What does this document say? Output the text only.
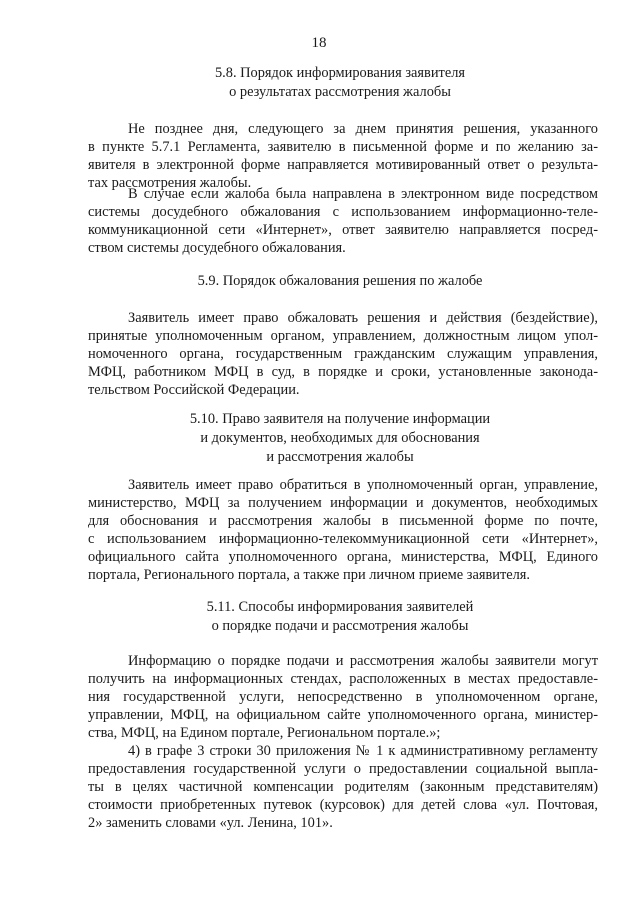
18
5.8. Порядок информирования заявителя
о результатах рассмотрения жалобы
Не позднее дня, следующего за днем принятия решения, указанного
в пункте 5.7.1 Регламента, заявителю в письменной форме и по желанию за-
явителя в электронной форме направляется мотивированный ответ о результа-
тах рассмотрения жалобы.
В случае если жалоба была направлена в электронном виде посредством
системы досудебного обжалования с использованием информационно-теле-
коммуникационной сети «Интернет», ответ заявителю направляется посред-
ством системы досудебного обжалования.
5.9. Порядок обжалования решения по жалобе
Заявитель имеет право обжаловать решения и действия (бездействие),
принятые уполномоченным органом, управлением, должностным лицом упол-
номоченного органа, государственным гражданским служащим управления,
МФЦ, работником МФЦ в суд, в порядке и сроки, установленные законода-
тельством Российской Федерации.
5.10. Право заявителя на получение информации
и документов, необходимых для обоснования
и рассмотрения жалобы
Заявитель имеет право обратиться в уполномоченный орган, управление,
министерство, МФЦ за получением информации и документов, необходимых
для обоснования и рассмотрения жалобы в письменной форме по почте,
с использованием информационно-телекоммуникационной сети «Интернет»,
официального сайта уполномоченного органа, министерства, МФЦ, Единого
портала, Регионального портала, а также при личном приеме заявителя.
5.11. Способы информирования заявителей
о порядке подачи и рассмотрения жалобы
Информацию о порядке подачи и рассмотрения жалобы заявители могут
получить на информационных стендах, расположенных в местах предоставле-
ния государственной услуги, непосредственно в уполномоченном органе,
управлении, МФЦ, на официальном сайте уполномоченного органа, министер-
ства, МФЦ, на Едином портале, Региональном портале.»;
4) в графе 3 строки 30 приложения № 1 к административному регламенту
предоставления государственной услуги о предоставлении социальной выпла-
ты в целях частичной компенсации родителям (законным представителям)
стоимости приобретенных путевок (курсовок) для детей слова «ул. Почтовая,
2» заменить словами «ул. Ленина, 101».
